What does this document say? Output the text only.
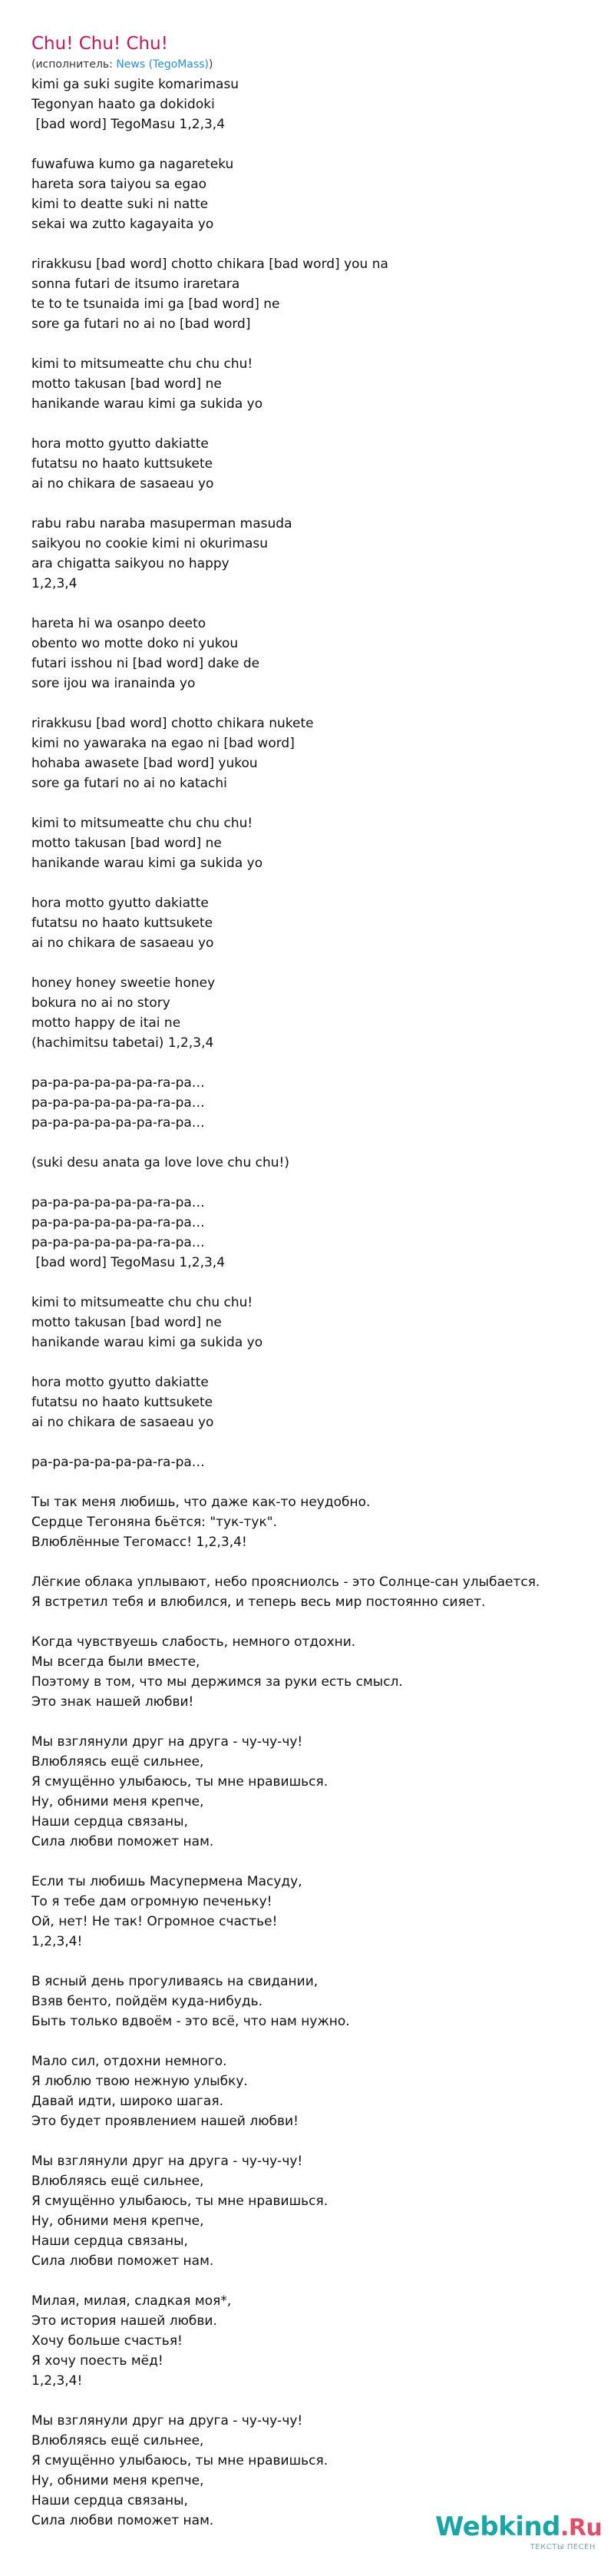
Chu! Chu! Chu!
(исполнитель: News (TegoMass))
kimi ga suki sugite komarimasu
Tegonyan haato ga dokidoki
[bad word] TegoMasu 1,2,3,4
fuwafuwa kumo ga nagareteku
hareta sora taiyou sa egao
kimi to deatte suki ni natte
sekai wa zutto kagayaita yo
rirakkusu [bad word] chotto chikara [bad word] you na
sonna futari de itsumo iraretara
te to te tsunaida imi ga [bad word] ne
sore ga futari no ai no [bad word]
kimi to mitsumeatte chu chu chu!
motto takusan [bad word] ne
hanikande warau kimi ga sukida yo
hora motto gyutto dakiatte
futatsu no haato kuttsukete
ai no chikara de sasaeau yo
rabu rabu naraba masuperman masuda
saikyou no cookie kimi ni okurimasu
ara chigatta saikyou no happy
1,2,3,4
hareta hi wa osanpo deeto
obento wo motte doko ni yukou
futari isshou ni [bad word] dake de
sore ijou wa iranainda yo
rirakkusu [bad word] chotto chikara nukete
kimi no yawaraka na egao ni [bad word]
hohaba awasete [bad word] yukou
sore ga futari no ai no katachi
kimi to mitsumeatte chu chu chu!
motto takusan [bad word] ne
hanikande warau kimi ga sukida yo
hora motto gyutto dakiatte
futatsu no haato kuttsukete
ai no chikara de sasaeau yo
honey honey sweetie honey
bokura no ai no story
motto happy de itai ne
(hachimitsu tabetai) 1,2,3,4
pa-pa-pa-pa-pa-pa-ra-pa…
pa-pa-pa-pa-pa-pa-ra-pa…
pa-pa-pa-pa-pa-pa-ra-pa…
(suki desu anata ga love love chu chu!)
pa-pa-pa-pa-pa-pa-ra-pa…
pa-pa-pa-pa-pa-pa-ra-pa…
pa-pa-pa-pa-pa-pa-ra-pa…
[bad word] TegoMasu 1,2,3,4
kimi to mitsumeatte chu chu chu!
motto takusan [bad word] ne
hanikande warau kimi ga sukida yo
hora motto gyutto dakiatte
futatsu no haato kuttsukete
ai no chikara de sasaeau yo
pa-pa-pa-pa-pa-pa-ra-pa…
Ты так меня любишь, что даже как-то неудобно.
Сердце Тегоняна бьётся: "тук-тук".
Влюблённые Тегомасс! 1,2,3,4!
Лёгкие облака уплывают, небо проясниолсь - это Солнце-сан улыбается.
Я встретил тебя и влюбился, и теперь весь мир постоянно сияет.
Когда чувствуешь слабость, немного отдохни.
Мы всегда были вместе,
Поэтому в том, что мы держимся за руки есть смысл.
Это знак нашей любви!
Мы взглянули друг на друга - чу-чу-чу!
Влюбляясь ещё сильнее,
Я смущённо улыбаюсь, ты мне нравишься.
Ну, обними меня крепче,
Наши сердца связаны,
Сила любви поможет нам.
Если ты любишь Масупермена Масуду,
То я тебе дам огромную печеньку!
Ой, нет! Не так! Огромное счастье!
1,2,3,4!
В ясный день прогуливаясь на свидании,
Взяв бенто, пойдём куда-нибудь.
Быть только вдвоём - это всё, что нам нужно.
Мало сил, отдохни немного.
Я люблю твою нежную улыбку.
Давай идти, широко шагая.
Это будет проявлением нашей любви!
Мы взглянули друг на друга - чу-чу-чу!
Влюбляясь ещё сильнее,
Я смущённо улыбаюсь, ты мне нравишься.
Ну, обними меня крепче,
Наши сердца связаны,
Сила любви поможет нам.
Милая, милая, сладкая моя*,
Это история нашей любви.
Хочу больше счастья!
Я хочу поесть мёд!
1,2,3,4!
Мы взглянули друг на друга - чу-чу-чу!
Влюбляясь ещё сильнее,
Я смущённо улыбаюсь, ты мне нравишься.
Ну, обними меня крепче,
Наши сердца связаны,
Сила любви поможет нам.	Webkind.Ru
ТЕКСТЫ ПЕСЕН
